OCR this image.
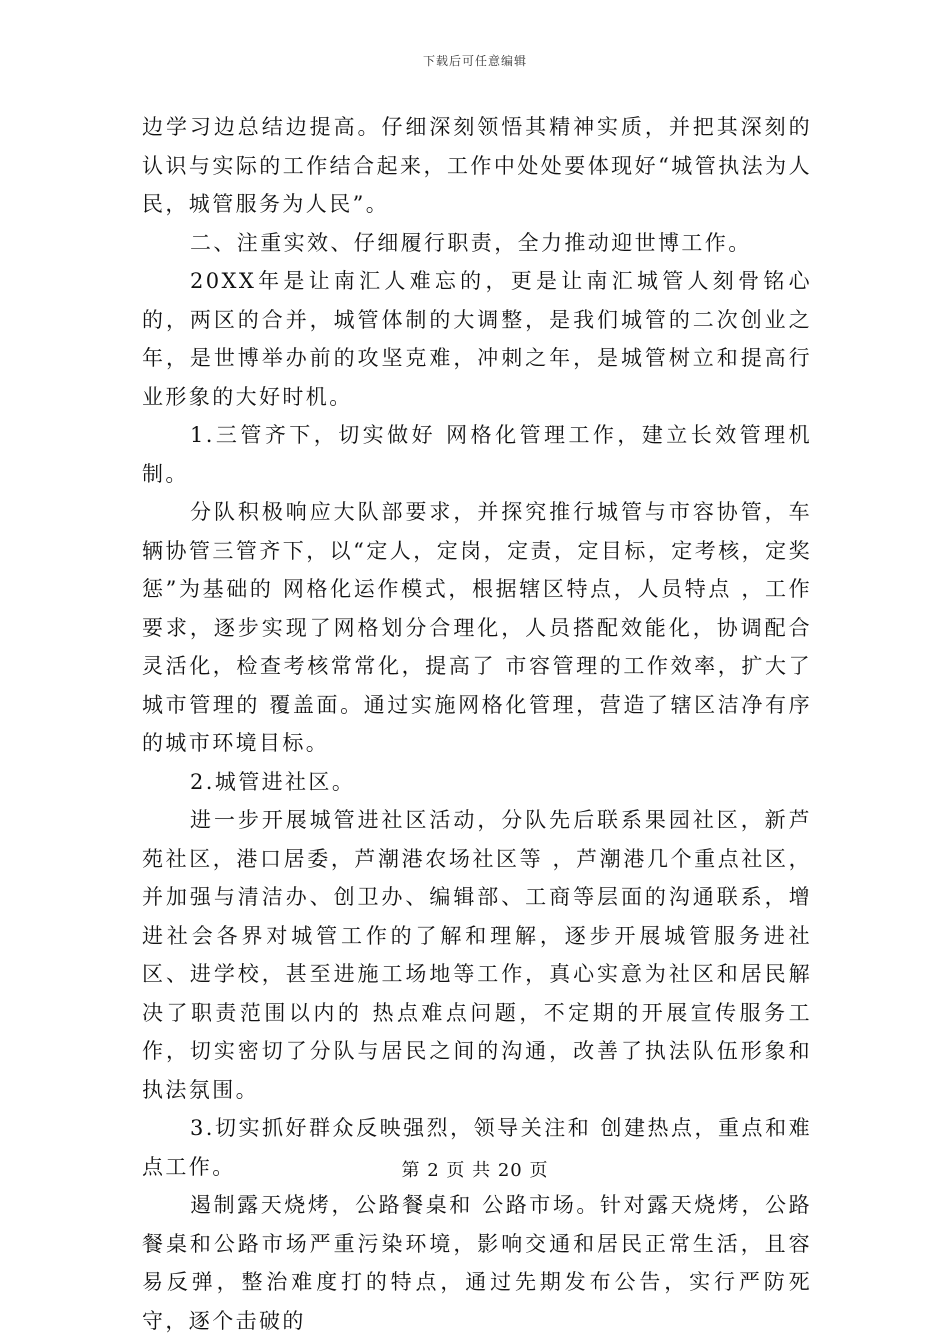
下载后可任意编辑

边学习边总结边提高。仔细深刻领悟其精神实质，并把其深刻的认识与实际的工作结合起来，工作中处处要体现好“城管执法为人民，城管服务为人民”。

二、注重实效、仔细履行职责，全力推动迎世博工作。

20XX年是让南汇人难忘的，更是让南汇城管人刻骨铭心的，两区的合并，城管体制的大调整，是我们城管的二次创业之年，是世博举办前的攻坚克难，冲刺之年，是城管树立和提高行业形象的大好时机。

1.三管齐下，切实做好 网格化管理工作，建立长效管理机制。

分队积极响应大队部要求，并探究推行城管与市容协管，车辆协管三管齐下，以“定人，定岗，定责，定目标，定考核，定奖惩”为基础的 网格化运作模式，根据辖区特点，人员特点 ，工作要求，逐步实现了网格划分合理化，人员搭配效能化，协调配合灵活化，检查考核常常化，提高了 市容管理的工作效率，扩大了城市管理的 覆盖面。通过实施网格化管理，营造了辖区洁净有序的城市环境目标。

2.城管进社区。

进一步开展城管进社区活动，分队先后联系果园社区，新芦苑社区，港口居委，芦潮港农场社区等 ，芦潮港几个重点社区，并加强与清洁办、创卫办、编辑部、工商等层面的沟通联系，增进社会各界对城管工作的了解和理解，逐步开展城管服务进社区、进学校，甚至进施工场地等工作，真心实意为社区和居民解决了职责范围以内的 热点难点问题，不定期的开展宣传服务工作，切实密切了分队与居民之间的沟通，改善了执法队伍形象和执法氛围。

3.切实抓好群众反映强烈，领导关注和 创建热点，重点和难点工作。

遏制露天烧烤，公路餐桌和 公路市场。针对露天烧烤，公路餐桌和公路市场严重污染环境，影响交通和居民正常生活，且容易反弹，整治难度打的特点，通过先期发布公告，实行严防死守，逐个击破的

第 2 页 共 20 页
